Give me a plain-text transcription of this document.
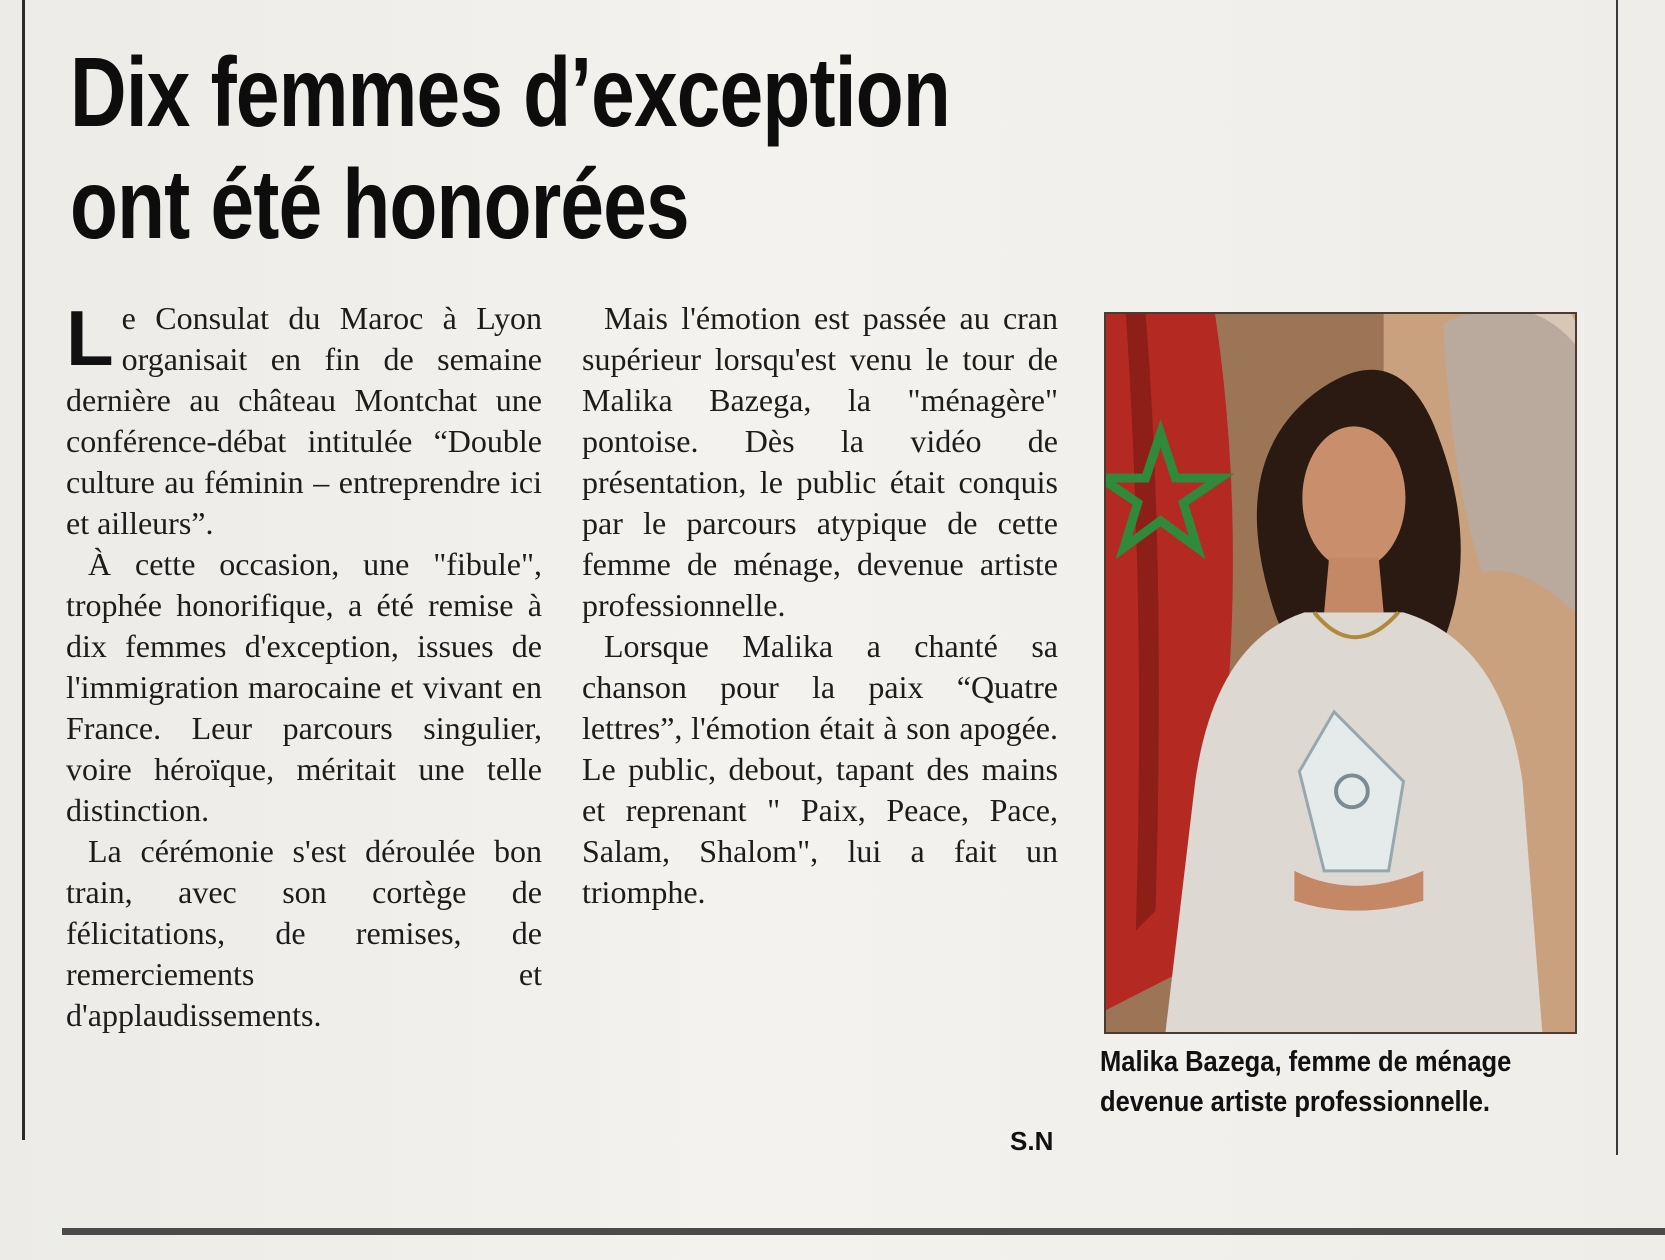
Dix femmes d’exception
ont été honorées

Le Consulat du Maroc à Lyon organisait en fin de semaine dernière au château Montchat une conférence-débat intitulée “Double culture au féminin – entreprendre ici et ailleurs”.

À cette occasion, une "fibule", trophée honorifique, a été remise à dix femmes d'exception, issues de l'immigration marocaine et vivant en France. Leur parcours singulier, voire héroïque, méritait une telle distinction.

La cérémonie s'est déroulée bon train, avec son cortège de félicitations, de remises, de remerciements et d'applaudissements.

Mais l'émotion est passée au cran supérieur lorsqu'est venu le tour de Malika Bazega, la "ménagère" pontoise. Dès la vidéo de présentation, le public était conquis par le parcours atypique de cette femme de ménage, devenue artiste professionnelle.

Lorsque Malika a chanté sa chanson pour la paix “Quatre lettres”, l'émotion était à son apogée. Le public, debout, tapant des mains et reprenant " Paix, Peace, Pace, Salam, Shalom", lui a fait un triomphe.

S.N
Malika Bazega, femme de ménage devenue artiste professionnelle.
